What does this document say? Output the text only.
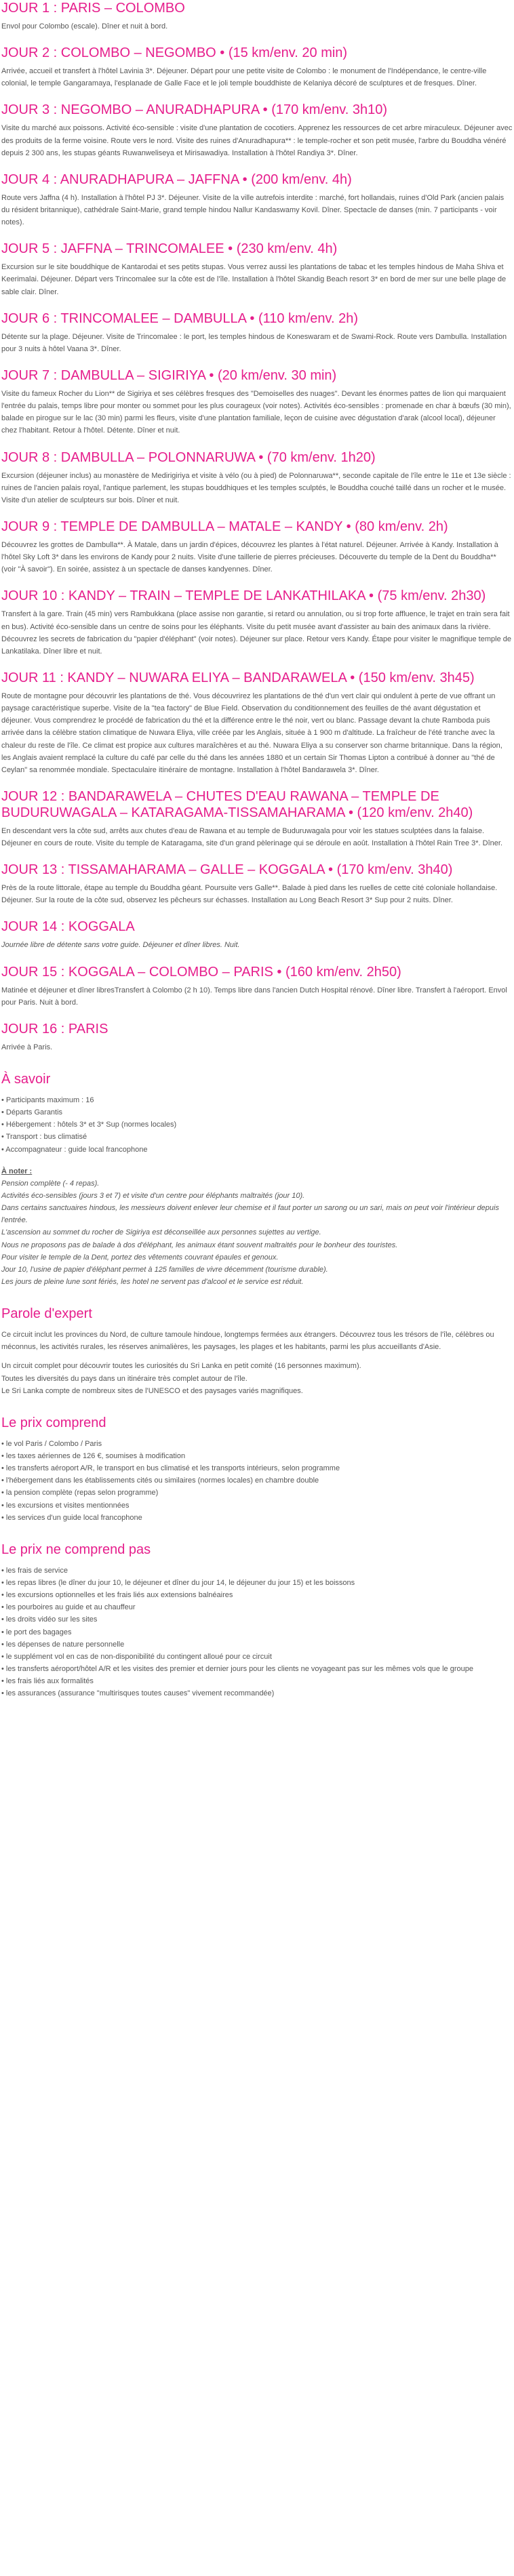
JOUR 1 : PARIS – COLOMBO

Envol pour Colombo (escale). Dîner et nuit à bord.

JOUR 2 : COLOMBO – NEGOMBO • (15 km/env. 20 min)

Arrivée, accueil et transfert à l'hôtel Lavinia 3*. Déjeuner. Départ pour une petite visite de Colombo : le monument de l'Indépendance, le centre-ville colonial, le temple Gangaramaya, l'esplanade de Galle Face et le joli temple bouddhiste de Kelaniya décoré de sculptures et de fresques. Dîner.

JOUR 3 : NEGOMBO – ANURADHAPURA • (170 km/env. 3h10)

Visite du marché aux poissons. Activité éco-sensible : visite d'une plantation de cocotiers. Apprenez les ressources de cet arbre miraculeux. Déjeuner avec des produits de la ferme voisine. Route vers le nord. Visite des ruines d'Anuradhapura** : le temple-rocher et son petit musée, l'arbre du Bouddha vénéré depuis 2 300 ans, les stupas géants Ruwanweliseya et Mirisawadiya. Installation à l'hôtel Randiya 3*. Dîner.

JOUR 4 : ANURADHAPURA – JAFFNA • (200 km/env. 4h)

Route vers Jaffna (4 h). Installation à l'hôtel PJ 3*. Déjeuner. Visite de la ville autrefois interdite : marché, fort hollandais, ruines d'Old Park (ancien palais du résident britannique), cathédrale Saint-Marie, grand temple hindou Nallur Kandaswamy Kovil. Dîner. Spectacle de danses (min. 7 participants - voir notes).

JOUR 5 : JAFFNA – TRINCOMALEE • (230 km/env. 4h)

Excursion sur le site bouddhique de Kantarodai et ses petits stupas. Vous verrez aussi les plantations de tabac et les temples hindous de Maha Shiva et Keerimalai. Déjeuner. Départ vers Trincomalee sur la côte est de l'île. Installation à l'hôtel Skandig Beach resort 3* en bord de mer sur une belle plage de sable clair. Dîner.

JOUR 6 : TRINCOMALEE – DAMBULLA • (110 km/env. 2h)

Détente sur la plage. Déjeuner. Visite de Trincomalee : le port, les temples hindous de Koneswaram et de Swami-Rock. Route vers Dambulla. Installation pour 3 nuits à hôtel Vaana 3*. Dîner.

JOUR 7 : DAMBULLA – SIGIRIYA • (20 km/env. 30 min)

Visite du fameux Rocher du Lion** de Sigiriya et ses célèbres fresques des "Demoiselles des nuages". Devant les énormes pattes de lion qui marquaient l'entrée du palais, temps libre pour monter ou sommet pour les plus courageux (voir notes). Activités éco-sensibles : promenade en char à bœufs (30 min), balade en pirogue sur le lac (30 min) parmi les fleurs, visite d'une plantation familiale, leçon de cuisine avec dégustation d'arak (alcool local), déjeuner chez l'habitant. Retour à l'hôtel. Détente. Dîner et nuit.

JOUR 8 : DAMBULLA – POLONNARUWA • (70 km/env. 1h20)

Excursion (déjeuner inclus) au monastère de Medirigiriya et visite à vélo (ou à pied) de Polonnaruwa**, seconde capitale de l'île entre le 11e et 13e siècle : ruines de l'ancien palais royal, l'antique parlement, les stupas bouddhiques et les temples sculptés, le Bouddha couché taillé dans un rocher et le musée. Visite d'un atelier de sculpteurs sur bois. Dîner et nuit.

JOUR 9 : TEMPLE DE DAMBULLA – MATALE – KANDY • (80 km/env. 2h)

Découvrez les grottes de Dambulla**. À Matale, dans un jardin d'épices, découvrez les plantes à l'état naturel. Déjeuner. Arrivée à Kandy. Installation à l'hôtel Sky Loft 3* dans les environs de Kandy pour 2 nuits. Visite d'une taillerie de pierres précieuses. Découverte du temple de la Dent du Bouddha** (voir "À savoir"). En soirée, assistez à un spectacle de danses kandyennes. Dîner.

JOUR 10 : KANDY – TRAIN – TEMPLE DE LANKATHILAKA • (75 km/env. 2h30)

Transfert à la gare. Train (45 min) vers Rambukkana (place assise non garantie, si retard ou annulation, ou si trop forte affluence, le trajet en train sera fait en bus). Activité éco-sensible dans un centre de soins pour les éléphants. Visite du petit musée avant d'assister au bain des animaux dans la rivière. Découvrez les secrets de fabrication du "papier d'éléphant" (voir notes). Déjeuner sur place. Retour vers Kandy. Étape pour visiter le magnifique temple de Lankatilaka. Dîner libre et nuit.

JOUR 11 : KANDY – NUWARA ELIYA – BANDARAWELA • (150 km/env. 3h45)

Route de montagne pour découvrir les plantations de thé. Vous découvrirez les plantations de thé d'un vert clair qui ondulent à perte de vue offrant un paysage caractéristique superbe. Visite de la "tea factory" de Blue Field. Observation du conditionnement des feuilles de thé avant dégustation et déjeuner. Vous comprendrez le procédé de fabrication du thé et la différence entre le thé noir, vert ou blanc. Passage devant la chute Ramboda puis arrivée dans la célèbre station climatique de Nuwara Eliya, ville créée par les Anglais, située à 1 900 m d'altitude. La fraîcheur de l'été tranche avec la chaleur du reste de l'île. Ce climat est propice aux cultures maraîchères et au thé. Nuwara Eliya a su conserver son charme britannique. Dans la région, les Anglais avaient remplacé la culture du café par celle du thé dans les années 1880 et un certain Sir Thomas Lipton a contribué à donner au "thé de Ceylan" sa renommée mondiale. Spectaculaire itinéraire de montagne. Installation à l'hôtel Bandarawela 3*. Dîner.

JOUR 12 : BANDARAWELA – CHUTES D'EAU RAWANA – TEMPLE DE BUDURUWAGALA – KATARAGAMA-TISSAMAHARAMA • (120 km/env. 2h40)

En descendant vers la côte sud, arrêts aux chutes d'eau de Rawana et au temple de Buduruwagala pour voir les statues sculptées dans la falaise. Déjeuner en cours de route. Visite du temple de Kataragama, site d'un grand pèlerinage qui se déroule en août. Installation à l'hôtel Rain Tree 3*. Dîner.

JOUR 13 : TISSAMAHARAMA – GALLE – KOGGALA • (170 km/env. 3h40)

Près de la route littorale, étape au temple du Bouddha géant. Poursuite vers Galle**. Balade à pied dans les ruelles de cette cité coloniale hollandaise. Déjeuner. Sur la route de la côte sud, observez les pêcheurs sur échasses. Installation au Long Beach Resort 3* Sup pour 2 nuits. Dîner.

JOUR 14 : KOGGALA

Journée libre de détente sans votre guide. Déjeuner et dîner libres. Nuit.

JOUR 15 : KOGGALA – COLOMBO – PARIS • (160 km/env. 2h50)

Matinée et déjeuner et dîner libresTransfert à Colombo (2 h 10). Temps libre dans l'ancien Dutch Hospital rénové. Dîner libre. Transfert à l'aéroport. Envol pour Paris. Nuit à bord.

JOUR 16 : PARIS

Arrivée à Paris.

À savoir
• Participants maximum : 16
• Départs Garantis
• Hébergement : hôtels 3* et 3* Sup (normes locales)
• Transport : bus climatisé
• Accompagnateur : guide local francophone
À noter :

Pension complète (- 4 repas).

Activités éco-sensibles (jours 3 et 7) et visite d'un centre pour éléphants maltraités (jour 10).

Dans certains sanctuaires hindous, les messieurs doivent enlever leur chemise et il faut porter un sarong ou un sari, mais on peut voir l'intérieur depuis l'entrée.

L'ascension au sommet du rocher de Sigiriya est déconseillée aux personnes sujettes au vertige.

Nous ne proposons pas de balade à dos d'éléphant, les animaux étant souvent maltraités pour le bonheur des touristes.

Pour visiter le temple de la Dent, portez des vêtements couvrant épaules et genoux.

Jour 10, l'usine de papier d'éléphant permet à 125 familles de vivre décemment (tourisme durable).

Les jours de pleine lune sont fériés, les hotel ne servent pas d'alcool et le service est réduit.

Parole d'expert

Ce circuit inclut les provinces du Nord, de culture tamoule hindoue, longtemps fermées aux étrangers. Découvrez tous les trésors de l'île, célèbres ou méconnus, les activités rurales, les réserves animalières, les paysages, les plages et les habitants, parmi les plus accueillants d'Asie.

Un circuit complet pour découvrir toutes les curiosités du Sri Lanka en petit comité (16 personnes maximum).

Toutes les diversités du pays dans un itinéraire très complet autour de l'île.

Le Sri Lanka compte de nombreux sites de l'UNESCO et des paysages variés magnifiques.

Le prix comprend
• le vol Paris / Colombo / Paris
• les taxes aériennes de 126 €, soumises à modification
• les transferts aéroport A/R, le transport en bus climatisé et les transports intérieurs, selon programme
• l'hébergement dans les établissements cités ou similaires (normes locales) en chambre double
• la pension complète (repas selon programme)
• les excursions et visites mentionnées
• les services d'un guide local francophone
Le prix ne comprend pas
• les frais de service
• les repas libres (le dîner du jour 10, le déjeuner et dîner du jour 14, le déjeuner du jour 15) et les boissons
• les excursions optionnelles et les frais liés aux extensions balnéaires
• les pourboires au guide et au chauffeur
• les droits vidéo sur les sites
• le port des bagages
• les dépenses de nature personnelle
• le supplément vol en cas de non-disponibilité du contingent alloué pour ce circuit
• les transferts aéroport/hôtel A/R et les visites des premier et dernier jours pour les clients ne voyageant pas sur les mêmes vols que le groupe
• les frais liés aux formalités
• les assurances (assurance "multirisques toutes causes" vivement recommandée)
